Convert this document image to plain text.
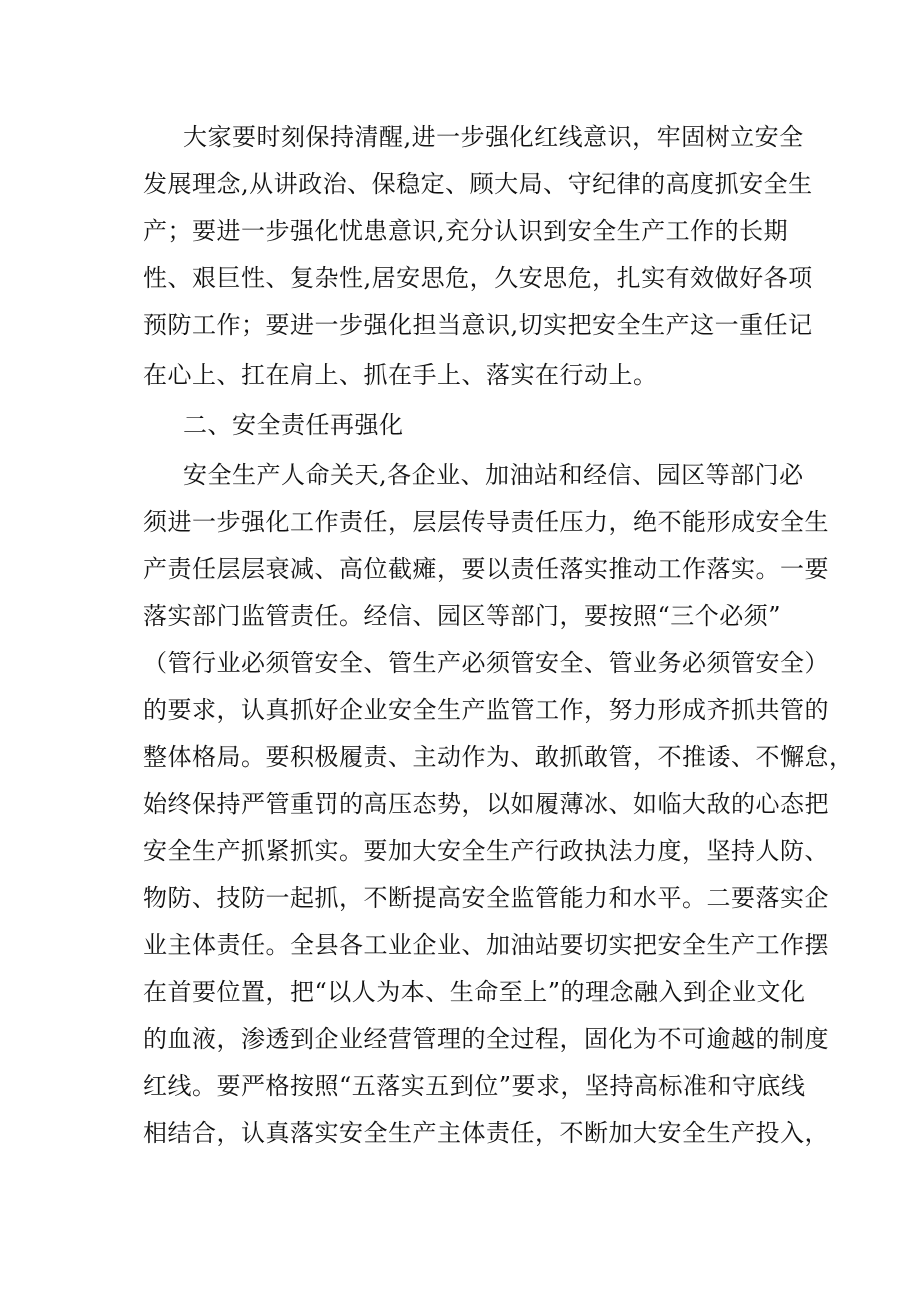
大家要时刻保持清醒,进一步强化红线意识，牢固树立安全
发展理念,从讲政治、保稳定、顾大局、守纪律的高度抓安全生
产；要进一步强化忧患意识,充分认识到安全生产工作的长期
性、艰巨性、复杂性,居安思危，久安思危，扎实有效做好各项
预防工作；要进一步强化担当意识,切实把安全生产这一重任记
在心上、扛在肩上、抓在手上、落实在行动上。
二、安全责任再强化
安全生产人命关天,各企业、加油站和经信、园区等部门必
须进一步强化工作责任，层层传导责任压力，绝不能形成安全生
产责任层层衰减、高位截瘫，要以责任落实推动工作落实。一要
落实部门监管责任。经信、园区等部门，要按照“三个必须”
（管行业必须管安全、管生产必须管安全、管业务必须管安全）
的要求，认真抓好企业安全生产监管工作，努力形成齐抓共管的
整体格局。要积极履责、主动作为、敢抓敢管，不推诿、不懈怠，
始终保持严管重罚的高压态势，以如履薄冰、如临大敌的心态把
安全生产抓紧抓实。要加大安全生产行政执法力度，坚持人防、
物防、技防一起抓，不断提高安全监管能力和水平。二要落实企
业主体责任。全县各工业企业、加油站要切实把安全生产工作摆
在首要位置，把“以人为本、生命至上”的理念融入到企业文化
的血液，渗透到企业经营管理的全过程，固化为不可逾越的制度
红线。要严格按照“五落实五到位”要求，坚持高标准和守底线
相结合，认真落实安全生产主体责任，不断加大安全生产投入，
